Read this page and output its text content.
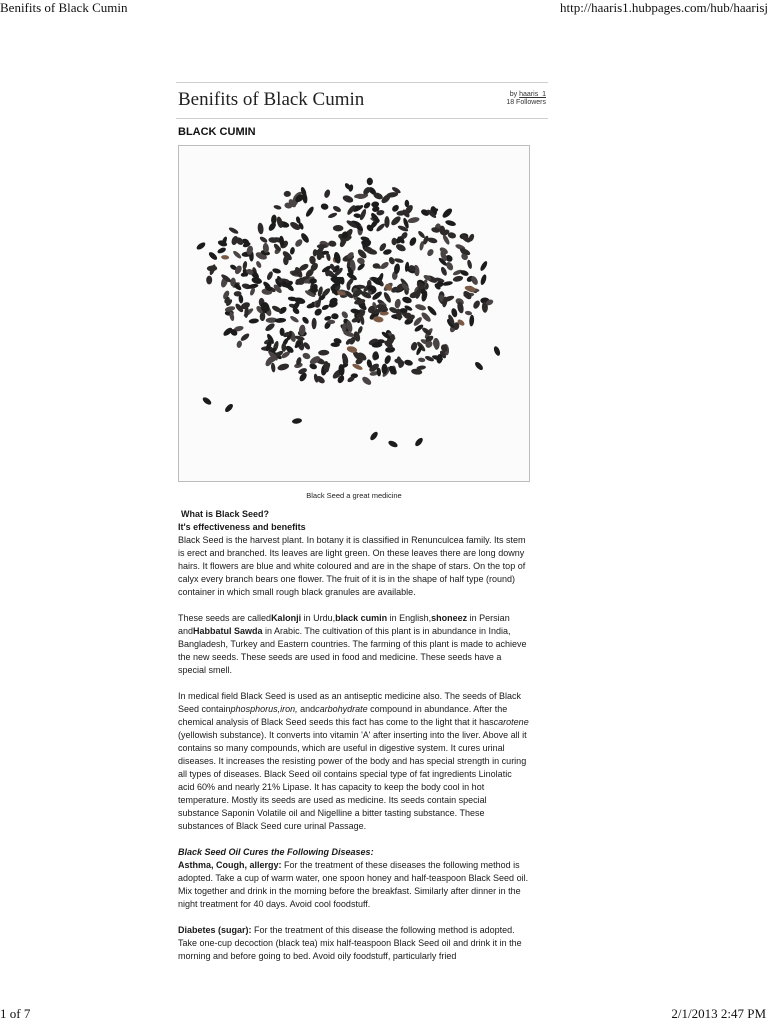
Benifits of Black Cumin	http://haaris1.hubpages.com/hub/haarisj
Benifits of Black Cumin	by haaris_1
18 Followers
BLACK CUMIN
Black Seed a great medicine

What is Black Seed?

It's effectiveness and benefits

Black Seed is the harvest plant. In botany it is classified in Renunculcea family. Its stem is erect and branched. Its leaves are light green. On these leaves there are long downy hairs. It flowers are blue and white coloured and are in the shape of stars. On the top of calyx every branch bears one flower. The fruit of it is in the shape of half type (round) container in which small rough black granules are available.

These seeds are calledKalonji in Urdu,black cumin in English,shoneez in Persian andHabbatul Sawda in Arabic. The cultivation of this plant is in abundance in India, Bangladesh, Turkey and Eastern countries. The farming of this plant is made to achieve the new seeds. These seeds are used in food and medicine. These seeds have a special smell.

In medical field Black Seed is used as an antiseptic medicine also. The seeds of Black Seed containphosphorus,iron, andcarbohydrate compound in abundance. After the chemical analysis of Black Seed seeds this fact has come to the light that it hascarotene (yellowish substance). It converts into vitamin 'A' after inserting into the liver. Above all it contains so many compounds, which are useful in digestive system. It cures urinal diseases. It increases the resisting power of the body and has special strength in curing all types of diseases. Black Seed oil contains special type of fat ingredients Linolatic acid 60% and nearly 21% Lipase. It has capacity to keep the body cool in hot temperature. Mostly its seeds are used as medicine. Its seeds contain special substance Saponin Volatile oil and Nigelline a bitter tasting substance. These substances of Black Seed cure urinal Passage.

Black Seed Oil Cures the Following Diseases:

Asthma, Cough, allergy: For the treatment of these diseases the following method is adopted. Take a cup of warm water, one spoon honey and half-teaspoon Black Seed oil. Mix together and drink in the morning before the breakfast. Similarly after dinner in the night treatment for 40 days. Avoid cool foodstuff.

Diabetes (sugar): For the treatment of this disease the following method is adopted. Take one-cup decoction (black tea) mix half-teaspoon Black Seed oil and drink it in the morning and before going to bed. Avoid oily foodstuff, particularly fried

1 of 7	2/1/2013 2:47 PM
